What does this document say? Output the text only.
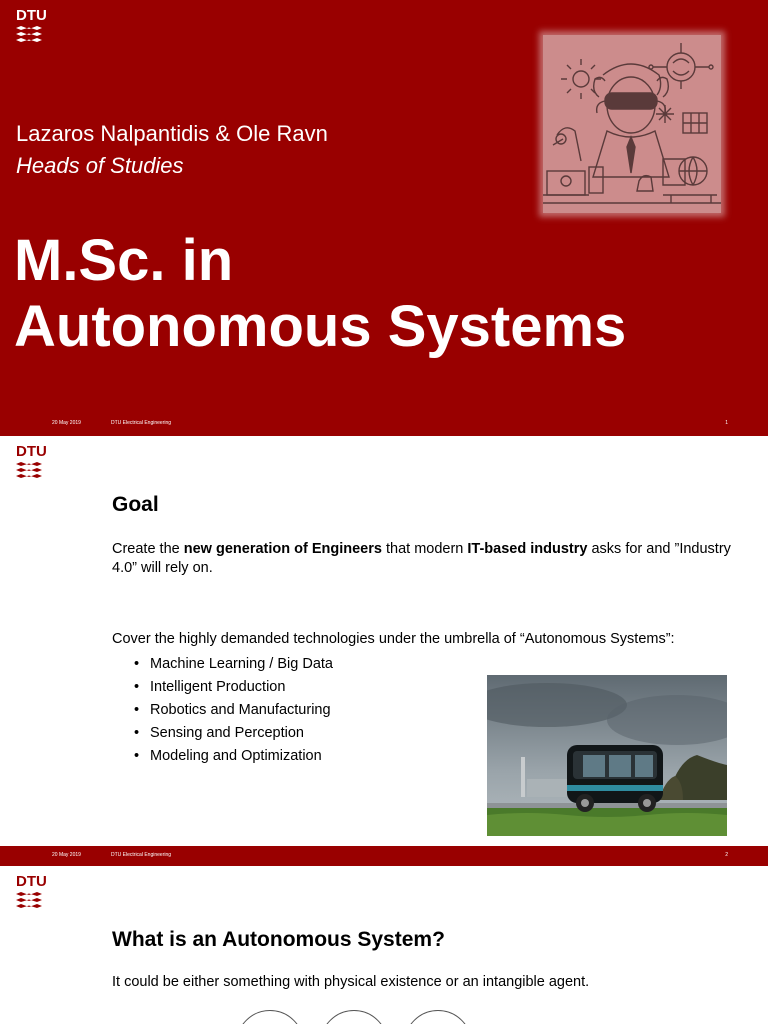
DTU
Lazaros Nalpantidis & Ole Ravn
Heads of Studies
M.Sc. in
Autonomous Systems
20 May 2019	DTU Electrical Engineering	1
DTU
Goal
Create the new generation of Engineers that modern IT-based industry asks for and ”Industry 4.0” will rely on.
Cover the highly demanded technologies under the umbrella of “Autonomous Systems”:
• Machine Learning / Big Data
• Intelligent Production
• Robotics and Manufacturing
• Sensing and Perception
• Modeling and Optimization
20 May 2019	DTU Electrical Engineering	2
DTU
What is an Autonomous System?
It could be either something with physical existence or an intangible agent.
